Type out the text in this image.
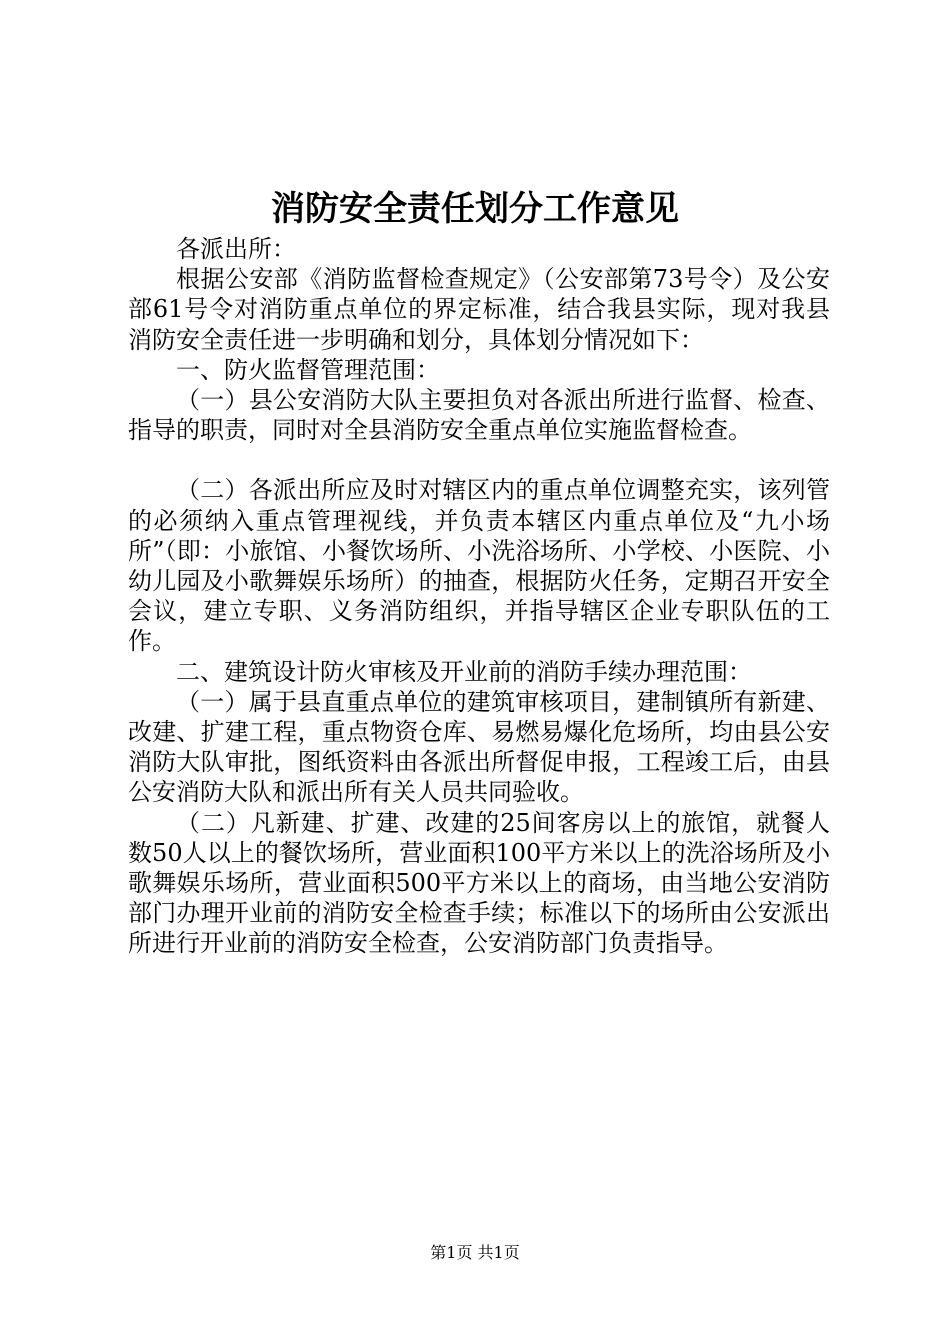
消防安全责任划分工作意见

各派出所：

根据公安部《消防监督检查规定》（公安部第73号令）及公安部61号令对消防重点单位的界定标准，结合我县实际，现对我县消防安全责任进一步明确和划分，具体划分情况如下：

一、防火监督管理范围：

（一）县公安消防大队主要担负对各派出所进行监督、检查、指导的职责，同时对全县消防安全重点单位实施监督检查。

（二）各派出所应及时对辖区内的重点单位调整充实，该列管的必须纳入重点管理视线，并负责本辖区内重点单位及“九小场所”（即：小旅馆、小餐饮场所、小洗浴场所、小学校、小医院、小幼儿园及小歌舞娱乐场所）的抽查，根据防火任务，定期召开安全会议，建立专职、义务消防组织，并指导辖区企业专职队伍的工作。

二、建筑设计防火审核及开业前的消防手续办理范围：

（一）属于县直重点单位的建筑审核项目，建制镇所有新建、改建、扩建工程，重点物资仓库、易燃易爆化危场所，均由县公安消防大队审批，图纸资料由各派出所督促申报，工程竣工后，由县公安消防大队和派出所有关人员共同验收。

（二）凡新建、扩建、改建的25间客房以上的旅馆，就餐人数50人以上的餐饮场所，营业面积100平方米以上的洗浴场所及小歌舞娱乐场所，营业面积500平方米以上的商场，由当地公安消防部门办理开业前的消防安全检查手续；标准以下的场所由公安派出所进行开业前的消防安全检查，公安消防部门负责指导。

第1页 共1页
